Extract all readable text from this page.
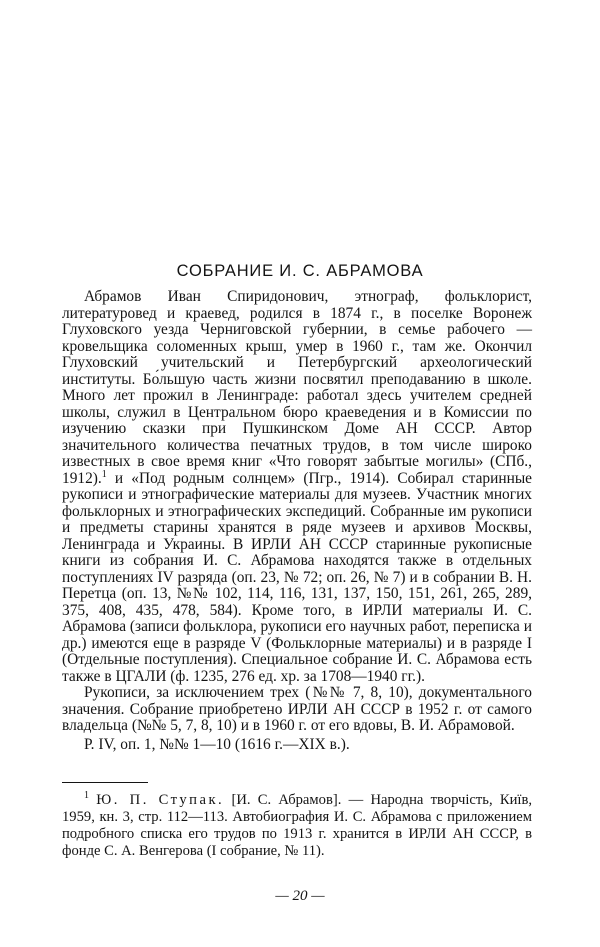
СОБРАНИЕ И. С. АБРАМОВА

Абрамов Иван Спиридонович, этнограф, фольклорист, литературовед и краевед, родился в 1874 г., в поселке Воронеж Глуховского уезда Черниговской губернии, в семье рабочего — кровельщика соломенных крыш, умер в 1960 г., там же. Окончил Глуховский учительский и Петербургский археологический институты. Бо́льшую часть жизни посвятил преподаванию в школе. Много лет прожил в Ленинграде: работал здесь учителем средней школы, служил в Центральном бюро краеведения и в Комиссии по изучению сказки при Пушкинском Доме АН СССР. Автор значительного количества печатных трудов, в том числе широко известных в свое время книг «Что говорят забытые могилы» (СПб., 1912).$^1$ и «Под родным солнцем» (Пгр., 1914). Собирал старинные рукописи и этнографические материалы для музеев. Участник многих фольклорных и этнографических экспедиций. Собранные им рукописи и предметы старины хранятся в ряде музеев и архивов Москвы, Ленинграда и Украины. В ИРЛИ АН СССР старинные рукописные книги из собрания И. С. Абрамова находятся также в отдельных поступлениях IV разряда (оп. 23, № 72; оп. 26, № 7) и в собрании В. Н. Перетца (оп. 13, №№ 102, 114, 116, 131, 137, 150, 151, 261, 265, 289, 375, 408, 435, 478, 584). Кроме того, в ИРЛИ материалы И. С. Абрамова (записи фольклора, рукописи его научных работ, переписка и др.) имеются еще в разряде V (Фольклорные материалы) и в разряде I (Отдельные поступления). Специальное собрание И. С. Абрамова есть также в ЦГАЛИ (ф. 1235, 276 ед. хр. за 1708—1940 гг.).

Рукописи, за исключением трех (№№ 7, 8, 10), документального значения. Собрание приобретено ИРЛИ АН СССР в 1952 г. от самого владельца (№№ 5, 7, 8, 10) и в 1960 г. от его вдовы, В. И. Абрамовой.

Р. IV, оп. 1, №№ 1—10 (1616 г.—XIX в.).

$^1$ Ю. П. Ступак. [И. С. Абрамов]. — Народна творчість, Київ, 1959, кн. 3, стр. 112—113. Автобиография И. С. Абрамова с приложением подробного списка его трудов по 1913 г. хранится в ИРЛИ АН СССР, в фонде С. А. Венгерова (I собрание, № 11).

— 20 —
